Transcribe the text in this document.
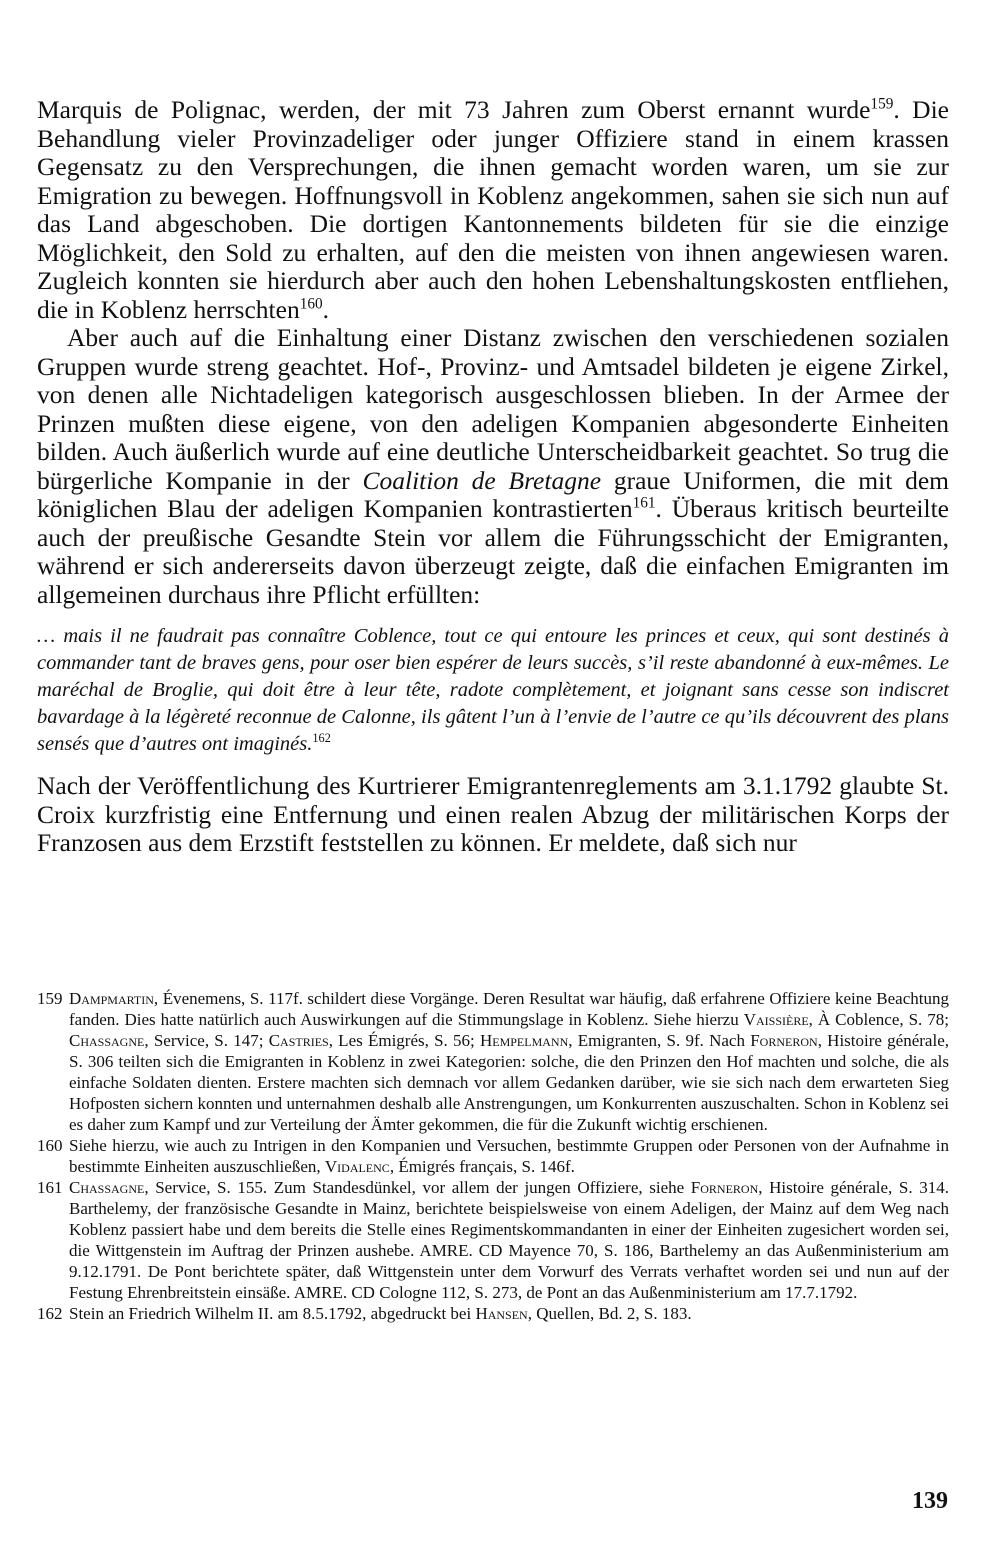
Marquis de Polignac, werden, der mit 73 Jahren zum Oberst ernannt wurde$^{159}$. Die Behandlung vieler Provinzadeliger oder junger Offiziere stand in einem krassen Gegensatz zu den Versprechungen, die ihnen gemacht worden waren, um sie zur Emigration zu bewegen. Hoffnungsvoll in Koblenz angekommen, sahen sie sich nun auf das Land abgeschoben. Die dortigen Kantonnements bildeten für sie die einzige Möglichkeit, den Sold zu erhalten, auf den die meisten von ihnen angewiesen waren. Zugleich konnten sie hierdurch aber auch den hohen Lebenshaltungskosten entfliehen, die in Koblenz herrschten$^{160}$.

Aber auch auf die Einhaltung einer Distanz zwischen den verschiedenen sozialen Gruppen wurde streng geachtet. Hof-, Provinz- und Amtsadel bildeten je eigene Zirkel, von denen alle Nichtadeligen kategorisch ausgeschlossen blieben. In der Armee der Prinzen mußten diese eigene, von den adeligen Kompanien abgesonderte Einheiten bilden. Auch äußerlich wurde auf eine deutliche Unterscheidbarkeit geachtet. So trug die bürgerliche Kompanie in der Coalition de Bretagne graue Uniformen, die mit dem königlichen Blau der adeligen Kompanien kontrastierten$^{161}$. Überaus kritisch beurteilte auch der preußische Gesandte Stein vor allem die Führungsschicht der Emigranten, während er sich andererseits davon überzeugt zeigte, daß die einfachen Emigranten im allgemeinen durchaus ihre Pflicht erfüllten:

… mais il ne faudrait pas connaître Coblence, tout ce qui entoure les princes et ceux, qui sont destinés à commander tant de braves gens, pour oser bien espérer de leurs succès, s’il reste abandonné à eux-mêmes. Le maréchal de Broglie, qui doit être à leur tête, radote complètement, et joignant sans cesse son indiscret bavardage à la légèreté reconnue de Calonne, ils gâtent l’un à l’envie de l’autre ce qu’ils découvrent des plans sensés que d’autres ont imaginés.$^{162}$

Nach der Veröffentlichung des Kurtrierer Emigrantenreglements am 3.1.1792 glaubte St. Croix kurzfristig eine Entfernung und einen realen Abzug der militärischen Korps der Franzosen aus dem Erzstift feststellen zu können. Er meldete, daß sich nur

159 Dampmartin, Évenemens, S. 117f. schildert diese Vorgänge. Deren Resultat war häufig, daß erfahrene Offiziere keine Beachtung fanden. Dies hatte natürlich auch Auswirkungen auf die Stimmungslage in Koblenz. Siehe hierzu Vaissière, À Coblence, S. 78; Chassagne, Service, S. 147; Castries, Les Émigrés, S. 56; Hempelmann, Emigranten, S. 9f. Nach Forneron, Histoire générale, S. 306 teilten sich die Emigranten in Koblenz in zwei Kategorien: solche, die den Prinzen den Hof machten und solche, die als einfache Soldaten dienten. Erstere machten sich demnach vor allem Gedanken darüber, wie sie sich nach dem erwarteten Sieg Hofposten sichern konnten und unternahmen deshalb alle Anstrengungen, um Konkurrenten auszuschalten. Schon in Koblenz sei es daher zum Kampf und zur Verteilung der Ämter gekommen, die für die Zukunft wichtig erschienen.
160 Siehe hierzu, wie auch zu Intrigen in den Kompanien und Versuchen, bestimmte Gruppen oder Personen von der Aufnahme in bestimmte Einheiten auszuschließen, Vidalenc, Émigrés français, S. 146f.
161 Chassagne, Service, S. 155. Zum Standesdünkel, vor allem der jungen Offiziere, siehe Forneron, Histoire générale, S. 314. Barthelemy, der französische Gesandte in Mainz, berichtete beispielsweise von einem Adeligen, der Mainz auf dem Weg nach Koblenz passiert habe und dem bereits die Stelle eines Regimentskommandanten in einer der Einheiten zugesichert worden sei, die Wittgenstein im Auftrag der Prinzen aushebe. AMRE. CD Mayence 70, S. 186, Barthelemy an das Außenministerium am 9.12.1791. De Pont berichtete später, daß Wittgenstein unter dem Vorwurf des Verrats verhaftet worden sei und nun auf der Festung Ehrenbreitstein einsäße. AMRE. CD Cologne 112, S. 273, de Pont an das Außenministerium am 17.7.1792.
162 Stein an Friedrich Wilhelm II. am 8.5.1792, abgedruckt bei Hansen, Quellen, Bd. 2, S. 183.
139
